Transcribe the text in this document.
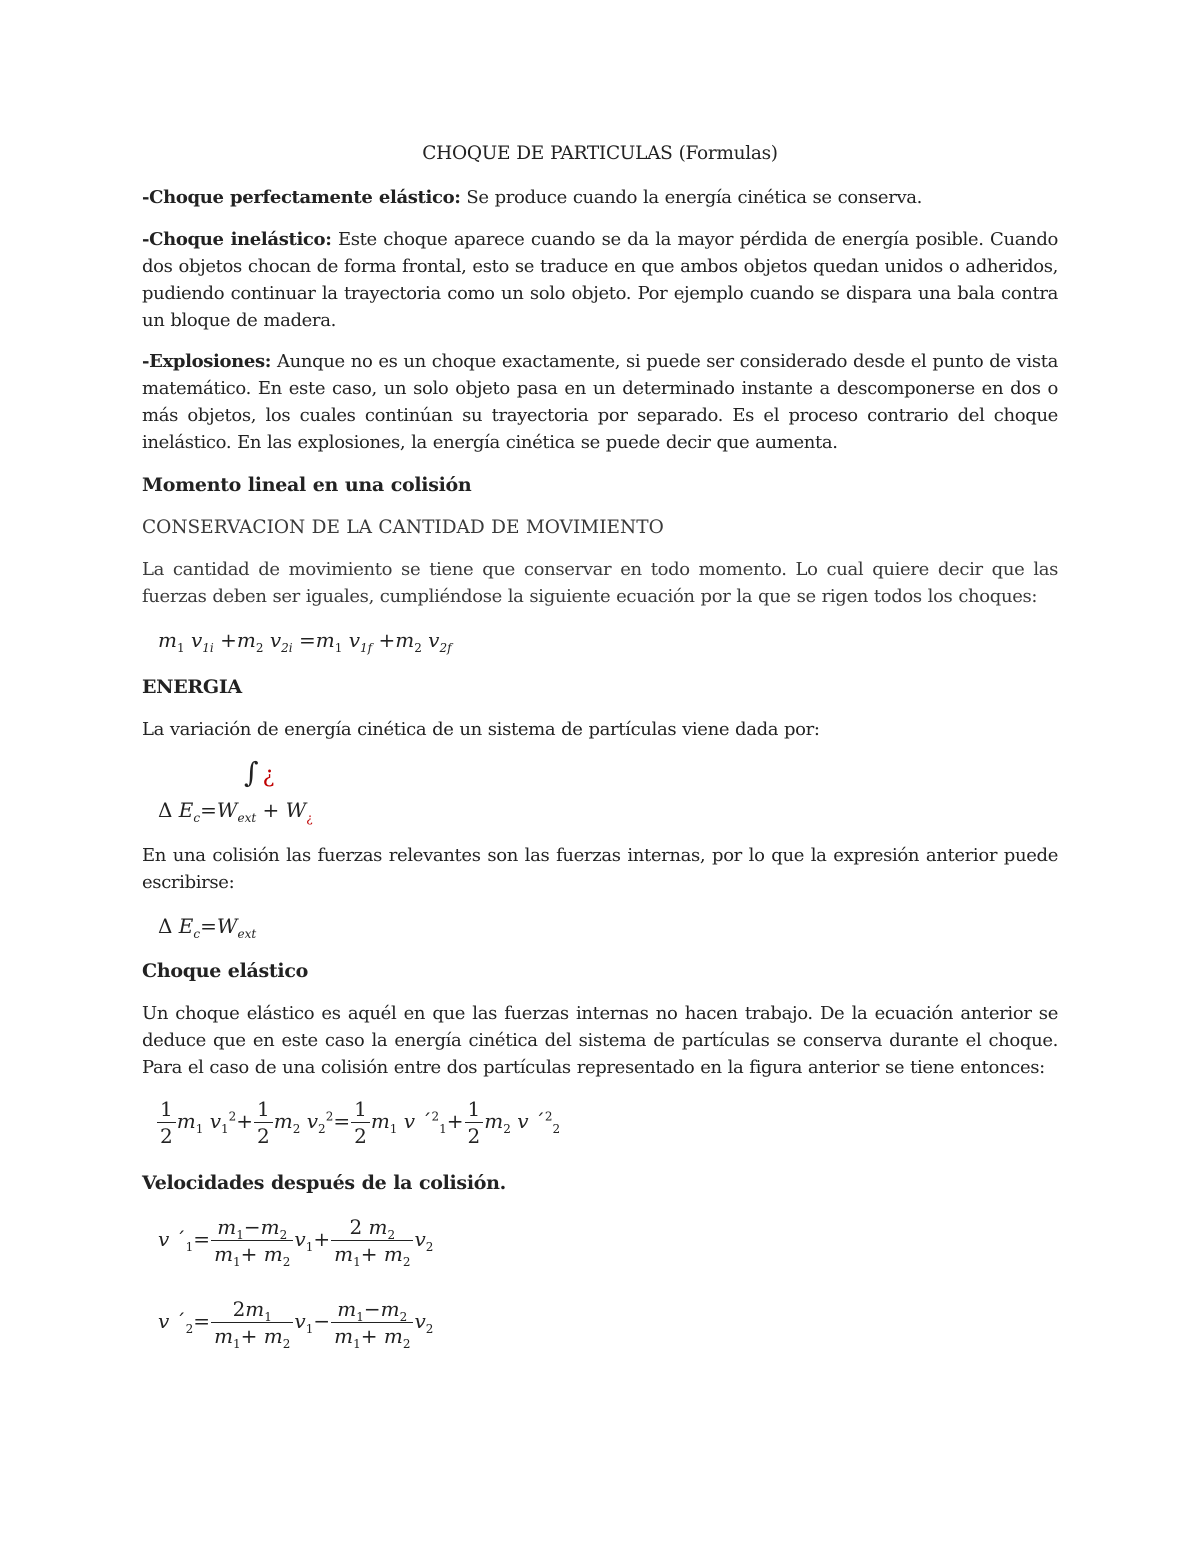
CHOQUE DE PARTICULAS (Formulas)

-Choque perfectamente elástico: Se produce cuando la energía cinética se conserva.

-Choque inelástico: Este choque aparece cuando se da la mayor pérdida de energía posible. Cuando dos objetos chocan de forma frontal, esto se traduce en que ambos objetos quedan unidos o adheridos, pudiendo continuar la trayectoria como un solo objeto. Por ejemplo cuando se dispara una bala contra un bloque de madera.

-Explosiones: Aunque no es un choque exactamente, si puede ser considerado desde el punto de vista matemático. En este caso, un solo objeto pasa en un determinado instante a descomponerse en dos o más objetos, los cuales continúan su trayectoria por separado. Es el proceso contrario del choque inelástico. En las explosiones, la energía cinética se puede decir que aumenta.

Momento lineal en una colisión

CONSERVACION DE LA CANTIDAD DE MOVIMIENTO

La cantidad de movimiento se tiene que conservar en todo momento. Lo cual quiere decir que las fuerzas deben ser iguales, cumpliéndose la siguiente ecuación por la que se rigen todos los choques:

$m_1$ $v_{1i} +m_2$ $v_{2i} =m_1$ $v_{1f} +m_2$ $v_{2f}$

ENERGIA

La variación de energía cinética de un sistema de partículas viene dada por:

∫ ¿
Δ $E_c=W_{ext} + W_¿$

En una colisión las fuerzas relevantes son las fuerzas internas, por lo que la expresión anterior puede escribirse:

Δ $E_c=W_{ext}$

Choque elástico

Un choque elástico es aquél en que las fuerzas internas no hacen trabajo. De la ecuación anterior se deduce que en este caso la energía cinética del sistema de partículas se conserva durante el choque. Para el caso de una colisión entre dos partículas representado en la figura anterior se tiene entonces:

$\frac{1}{2} m_1$ $v_1^2+ \frac{1}{2} m_2$ $v_2^2= \frac{1}{2} m_1$ v ´$^2_1$+ $\frac{1}{2} m_2$ v ´$^2_2$

Velocidades después de la colisión.

v $´_1= \frac{m_1-m_2}{m_1+ m_2} v_1+ \frac{2 m_2}{m_1+ m_2} v_2$
v $´_2= \frac{2m_1}{m_1+ m_2} v_1- \frac{m_1-m_2}{m_1+ m_2} v_2$
